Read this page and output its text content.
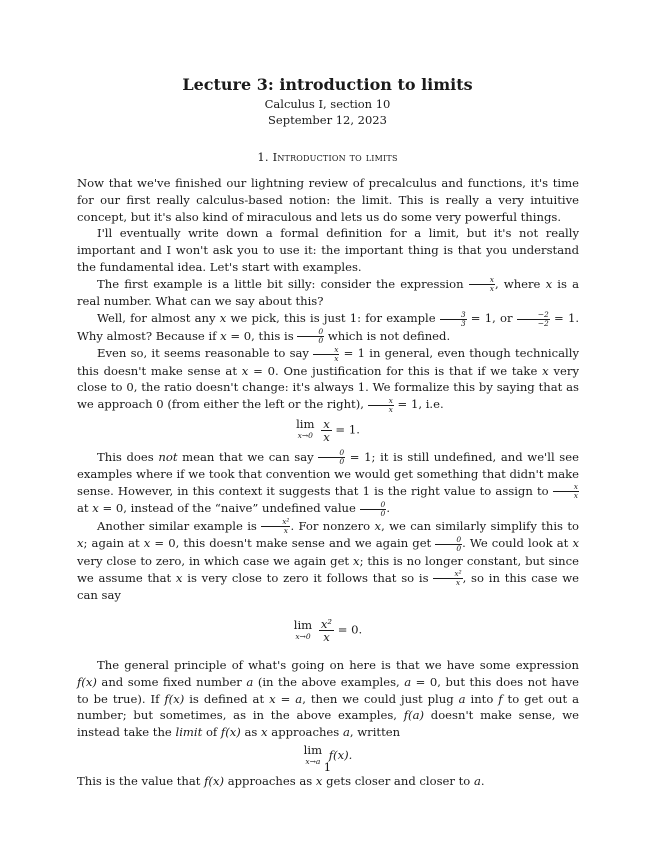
Lecture 3: introduction to limits
Calculus I, section 10
September 12, 2023
1. Introduction to limits

Now that we've finished our lightning review of precalculus and functions, it's time for our first really calculus-based notion: the limit. This is really a very intuitive concept, but it's also kind of miraculous and lets us do some very powerful things.

I'll eventually write down a formal definition for a limit, but it's not really important and I won't ask you to use it: the important thing is that you understand the fundamental idea. Let's start with examples.

The first example is a little bit silly: consider the expression $\frac{x}{x}$ , where x is a real number. What can we say about this?

Well, for almost any x we pick, this is just 1: for example $\frac{3}{3} = 1$, or $\frac{-2}{-2} = 1$. Why almost? Because if x = 0, this is $\frac{0}{0}$ which is not defined.

Even so, it seems reasonable to say $\frac{x}{x} = 1$ in general, even though technically this doesn't make sense at x = 0. One justification for this is that if we take x very close to 0, the ratio doesn't change: it's always 1. We formalize this by saying that as we approach 0 (from either the left or the right), $\frac{x}{x} = 1$, i.e.

lim
x→0
$\frac{x}{x} = 1$.

This does not mean that we can say $\frac{0}{0} = 1$; it is still undefined, and we'll see examples where if we took that convention we would get something that didn't make sense. However, in this context it suggests that 1 is the right value to assign to $\frac{x}{x}$
at x = 0, instead of the “naive” undefined value $\frac{0}{0}$ .

Another similar example is $\frac{\text{x²}}{x}$ . For nonzero x, we can similarly simplify this to x; again at x = 0, this doesn't make sense and we again get $\frac{0}{0}$ . We could look at x very close to zero, in which case we again get x; this is no longer constant, but since we assume that x is very close to zero it follows that so is $\frac{\text{x²}}{x}$ , so in this case we can say

lim
x→0
$\frac{\text{x²}}{x} = 0$.

The general principle of what's going on here is that we have some expression f(x) and some fixed number a (in the above examples, a = 0, but this does not have to be true). If f(x) is defined at x = a, then we could just plug a into f to get out a number; but sometimes, as in the above examples, f(a) doesn't make sense, we instead take the limit of f(x) as x approaches a, written

lim
x→a f(x).

This is the value that f(x) approaches as x gets closer and closer to a.

1
